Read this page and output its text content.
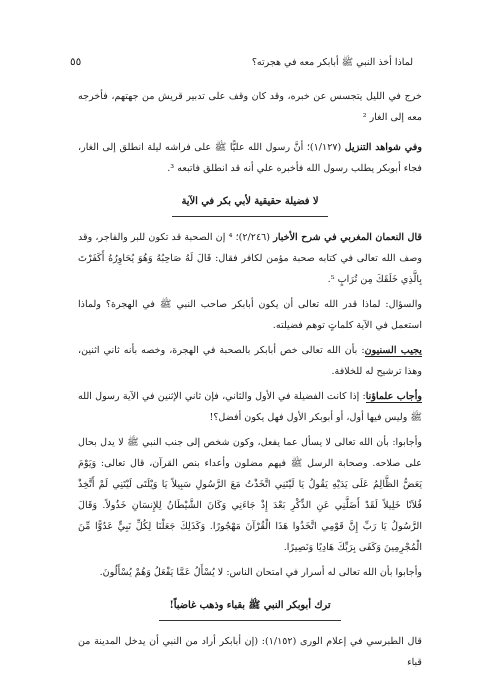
لماذا أخذ النبي ﷺ أبابكر معه في هجرته؟
٥٥

خرج في الليل يتجسس عن خبره، وقد كان وقف على تدبير قريش من جهتهم، فأخرجه معه إلى الغار ²

وفي شواهد التنزيل (١/١٢٧)؛ أنَّ رسول الله عليًّا ﷺ على فراشه ليلة انطلق إلى الغار، فجاء أبوبكر يطلب رسول الله فأخبره علي أنه قد انطلق فاتبعه ³.

لا فضيلة حقيقية لأبي بكر في الآية

قال النعمان المغربي في شرح الأخبار (٢/٢٤٦)؛ ⁴ إن الصحبة قد تكون للبر والفاجر، وقد وصف الله تعالى في كتابه صحبة مؤمن لكافر فقال: قَالَ لَهُ صَاحِبُهُ وَهُوَ يُحَاوِرُهُ أَكَفَرْتَ بِالَّذِي خَلَقَكَ مِن تُرَابٍ ⁵.

والسؤال: لماذا قدر الله تعالى أن يكون أبابكر صاحب النبي ﷺ في الهجرة؟ ولماذا استعمل في الآية كلماتٍ توهم فضيلته.

يجيب السنيون: بأن الله تعالى خص أبابكر بالصحبة في الهجرة، وخصه بأنه ثاني اثنين، وهذا ترشيح له للخلافة.

وأجاب علماؤنا: إذا كانت الفضيلة في الأول والثاني، فإن ثاني الإثنين في الآية رسول الله ﷺ وليس فيها أول، أو أبوبكر الأول فهل يكون أفضل؟!

وأجابوا: بأن الله تعالى لا يسأل عما يفعل، وكون شخص إلى جنب النبي ﷺ لا يدل بحال على صلاحه. وصحابة الرسل ﷺ فيهم مضلون وأعداء بنص القرآن، قال تعالى: وَيَوْمَ يَعَضُّ الظَّالِمُ عَلَى يَدَيْهِ يَقُولُ يَا لَيْتَنِي اتَّخَذْتُ مَعَ الرَّسُولِ سَبِيلاً يَا وَيْلَتَى لَيْتَنِي لَمْ أَتَّخِذْ فُلاَنًا خَلِيلاً لَقَدْ أَضَلَّنِي عَنِ الذِّكْرِ بَعْدَ إِذْ جَاءَنِي وَكَانَ الشَّيْطَانُ لِلإِنسَانِ خَذُولاً. وَقَالَ الرَّسُولُ يَا رَبِّ إِنَّ قَوْمِي اتَّخَذُوا هَذَا الْقُرْآنَ مَهْجُورًا. وَكَذَلِكَ جَعَلْنَا لِكُلِّ نَبِيٍّ عَدُوًّا مِّنَ الْمُجْرِمِينَ وَكَفَى بِرَبِّكَ هَادِيًا وَنَصِيرًا.

وأجابوا بأن الله تعالى له أسرار في امتحان الناس: لا يُسْأَلُ عَمَّا يَفْعَلُ وَهُمْ يُسْأَلُونَ.

ترك أبوبكر النبي ﷺ بقباء وذهب غاضباً!

قال الطبرسي في إعلام الورى (١/١٥٢): (إن أبابكر أراد من النبي أن يدخل المدينة من قباء
